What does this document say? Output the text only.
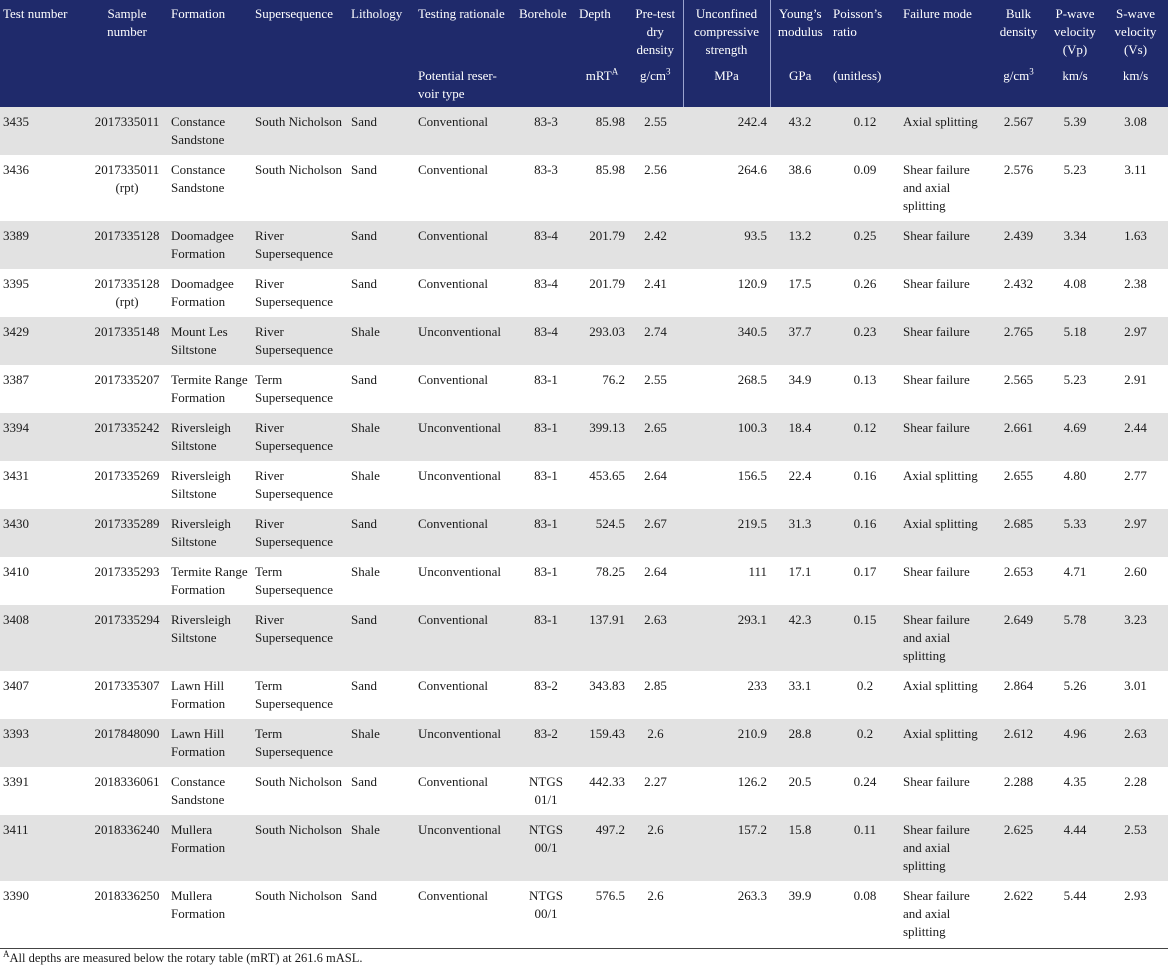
Test number	Sample number	Formation	Supersequence	Lithology	Testing rationale	Borehole	Depth	Pre-test dry density	Unconfined compressive strength	Young’s modulus	Poisson’s ratio	Failure mode	Bulk density	P-wave velocity (Vp)	S-wave velocity (Vs)
					Potential reser-voir type		mRT$^A$	$g/cm^3$	MPa	GPa	(unitless)		$g/cm^3$	km/s	km/s
3435	2017335011	Constance Sandstone	South Nicholson	Sand	Conventional	83-3	85.98	2.55	242.4	43.2	0.12	Axial splitting	2.567	5.39	3.08
3436	2017335011 (rpt)	Constance Sandstone	South Nicholson	Sand	Conventional	83-3	85.98	2.56	264.6	38.6	0.09	Shear failure and axial splitting	2.576	5.23	3.11
3389	2017335128	Doomadgee Formation	River Supersequence	Sand	Conventional	83-4	201.79	2.42	93.5	13.2	0.25	Shear failure	2.439	3.34	1.63
3395	2017335128 (rpt)	Doomadgee Formation	River Supersequence	Sand	Conventional	83-4	201.79	2.41	120.9	17.5	0.26	Shear failure	2.432	4.08	2.38
3429	2017335148	Mount Les Siltstone	River Supersequence	Shale	Unconventional	83-4	293.03	2.74	340.5	37.7	0.23	Shear failure	2.765	5.18	2.97
3387	2017335207	Termite Range Formation	Term Supersequence	Sand	Conventional	83-1	76.2	2.55	268.5	34.9	0.13	Shear failure	2.565	5.23	2.91
3394	2017335242	Riversleigh Siltstone	River Supersequence	Shale	Unconventional	83-1	399.13	2.65	100.3	18.4	0.12	Shear failure	2.661	4.69	2.44
3431	2017335269	Riversleigh Siltstone	River Supersequence	Shale	Unconventional	83-1	453.65	2.64	156.5	22.4	0.16	Axial splitting	2.655	4.80	2.77
3430	2017335289	Riversleigh Siltstone	River Supersequence	Sand	Conventional	83-1	524.5	2.67	219.5	31.3	0.16	Axial splitting	2.685	5.33	2.97
3410	2017335293	Termite Range Formation	Term Supersequence	Shale	Unconventional	83-1	78.25	2.64	111	17.1	0.17	Shear failure	2.653	4.71	2.60
3408	2017335294	Riversleigh Siltstone	River Supersequence	Sand	Conventional	83-1	137.91	2.63	293.1	42.3	0.15	Shear failure and axial splitting	2.649	5.78	3.23
3407	2017335307	Lawn Hill Formation	Term Supersequence	Sand	Conventional	83-2	343.83	2.85	233	33.1	0.2	Axial splitting	2.864	5.26	3.01
3393	2017848090	Lawn Hill Formation	Term Supersequence	Shale	Unconventional	83-2	159.43	2.6	210.9	28.8	0.2	Axial splitting	2.612	4.96	2.63
3391	2018336061	Constance Sandstone	South Nicholson	Sand	Conventional	NTGS 01/1	442.33	2.27	126.2	20.5	0.24	Shear failure	2.288	4.35	2.28
3411	2018336240	Mullera Formation	South Nicholson	Shale	Unconventional	NTGS 00/1	497.2	2.6	157.2	15.8	0.11	Shear failure and axial splitting	2.625	4.44	2.53
3390	2018336250	Mullera Formation	South Nicholson	Sand	Conventional	NTGS 00/1	576.5	2.6	263.3	39.9	0.08	Shear failure and axial splitting	2.622	5.44	2.93
$^A$All depths are measured below the rotary table (mRT) at 261.6 mASL.
